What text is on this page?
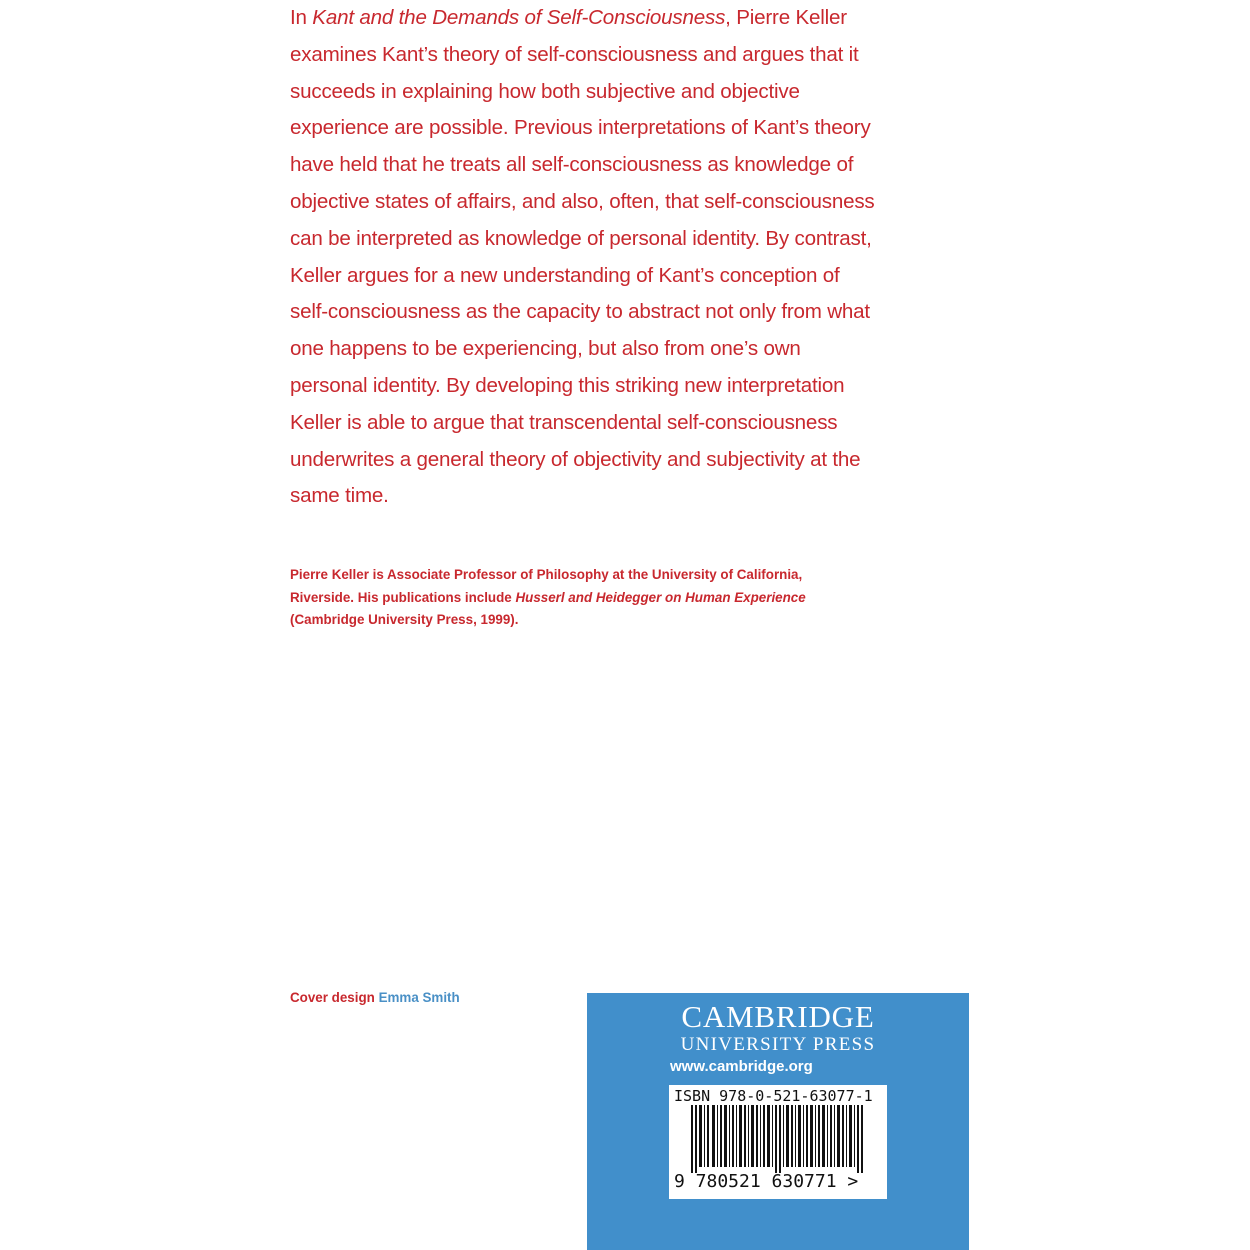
In Kant and the Demands of Self-Consciousness, Pierre Keller
examines Kant’s theory of self-consciousness and argues that it
succeeds in explaining how both subjective and objective
experience are possible. Previous interpretations of Kant’s theory
have held that he treats all self-consciousness as knowledge of
objective states of affairs, and also, often, that self-consciousness
can be interpreted as knowledge of personal identity. By contrast,
Keller argues for a new understanding of Kant’s conception of
self-consciousness as the capacity to abstract not only from what
one happens to be experiencing, but also from one’s own
personal identity. By developing this striking new interpretation
Keller is able to argue that transcendental self-consciousness
underwrites a general theory of objectivity and subjectivity at the
same time.
Pierre Keller is Associate Professor of Philosophy at the University of California,
Riverside. His publications include Husserl and Heidegger on Human Experience
(Cambridge University Press, 1999).
Cover design Emma Smith
CAMBRIDGE
UNIVERSITY PRESS
www.cambridge.org
ISBN 978-0-521-63077-1
9 780521 630771 >
